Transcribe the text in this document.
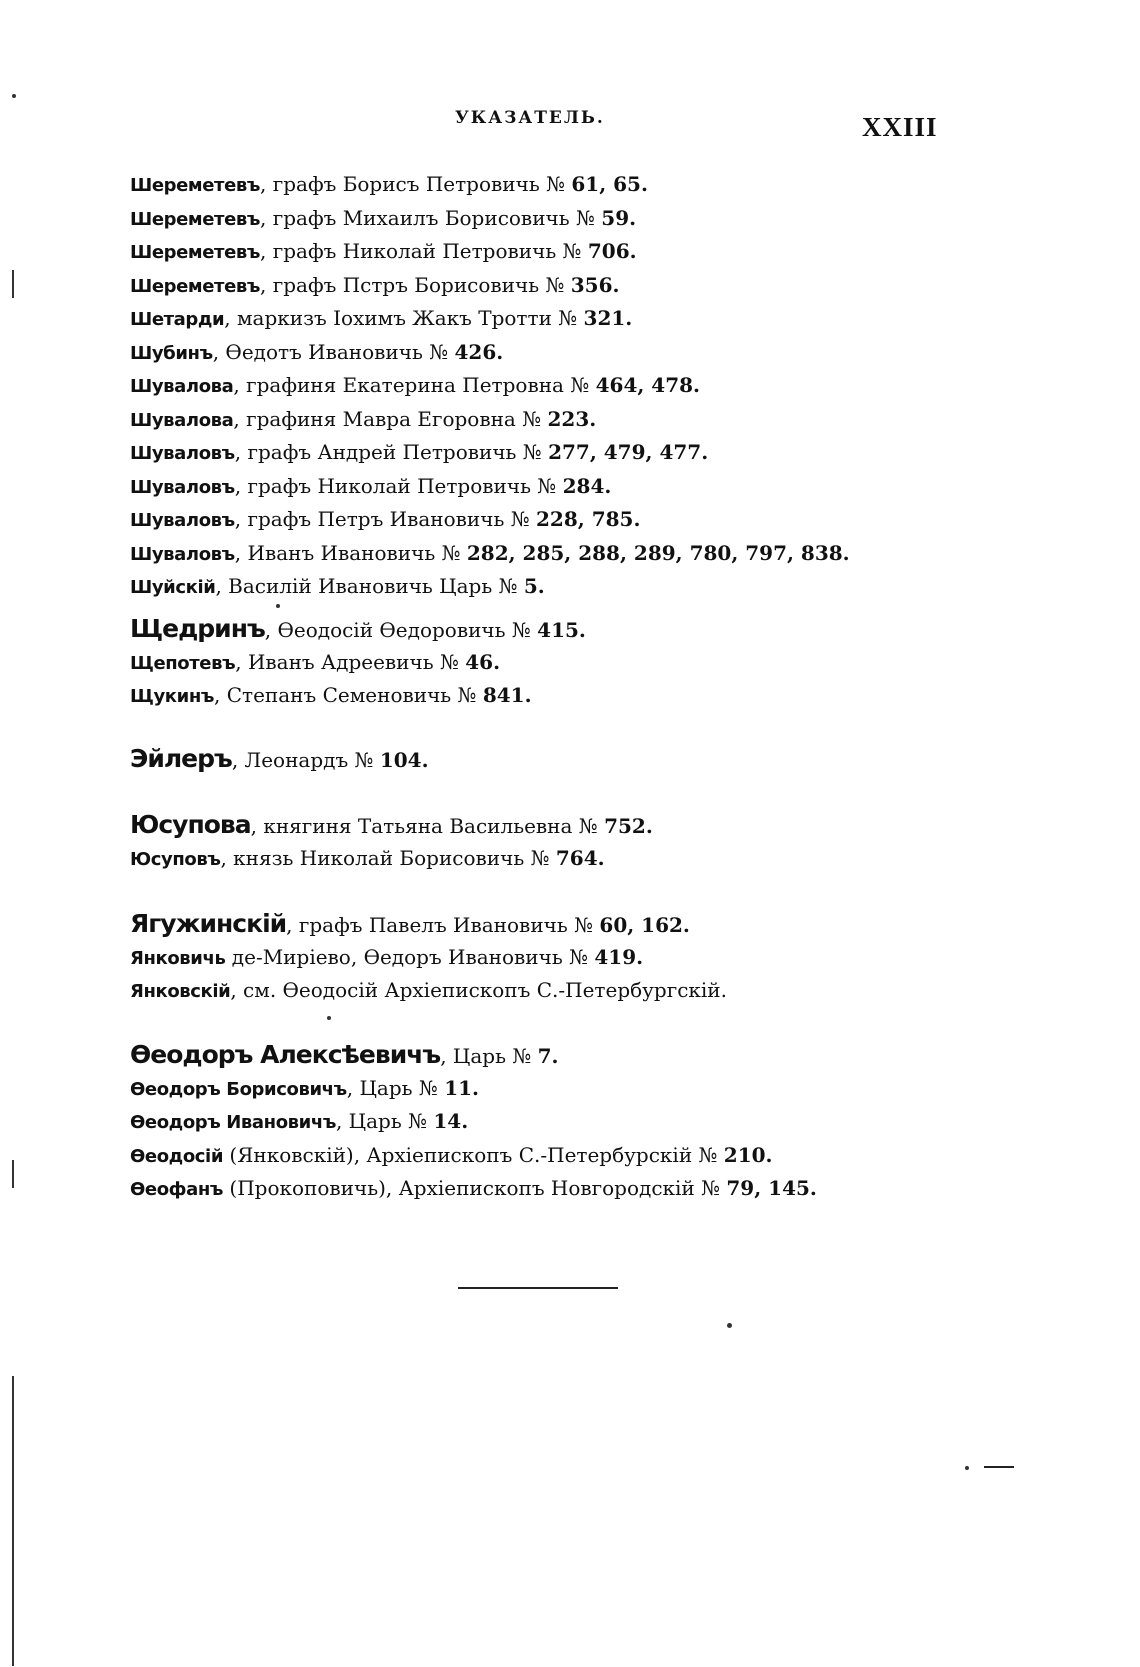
УКАЗАТЕЛЬ.	XXIII
Шереметевъ, графъ Борисъ Петровичь № 61, 65.
Шереметевъ, графъ Михаилъ Борисовичь № 59.
Шереметевъ, графъ Николай Петровичь № 706.
Шереметевъ, графъ Пстръ Борисовичь № 356.
Шетарди, маркизъ Іохимъ Жакъ Тротти № 321.
Шубинъ, Ѳедотъ Ивановичь № 426.
Шувалова, графиня Екатерина Петровна № 464, 478.
Шувалова, графиня Мавра Егоровна № 223.
Шуваловъ, графъ Андрей Петровичь № 277, 479, 477.
Шуваловъ, графъ Николай Петровичь № 284.
Шуваловъ, графъ Петръ Ивановичь № 228, 785.
Шуваловъ, Иванъ Ивановичь № 282, 285, 288, 289, 780, 797, 838.
Шуйскій, Василій Ивановичь Царь № 5.
Щедринъ, Ѳеодосій Ѳедоровичь № 415.
Щепотевъ, Иванъ Адреевичь № 46.
Щукинъ, Степанъ Семеновичь № 841.
Эйлеръ, Леонардъ № 104.
Юсупова, княгиня Татьяна Васильевна № 752.
Юсуповъ, князь Николай Борисовичь № 764.
Ягужинскій, графъ Павелъ Ивановичь № 60, 162.
Янковичь де-Миріево, Ѳедоръ Ивановичь № 419.
Янковскій, см. Ѳеодосій Архіепископъ С.-Петербургскій.
Ѳеодоръ Алексѣевичъ, Царь № 7.
Ѳеодоръ Борисовичъ, Царь № 11.
Ѳеодоръ Ивановичъ, Царь № 14.
Ѳеодосій (Янковскій), Архіепископъ С.-Петербурскій № 210.
Ѳеофанъ (Прокоповичь), Архіепископъ Новгородскій № 79, 145.
